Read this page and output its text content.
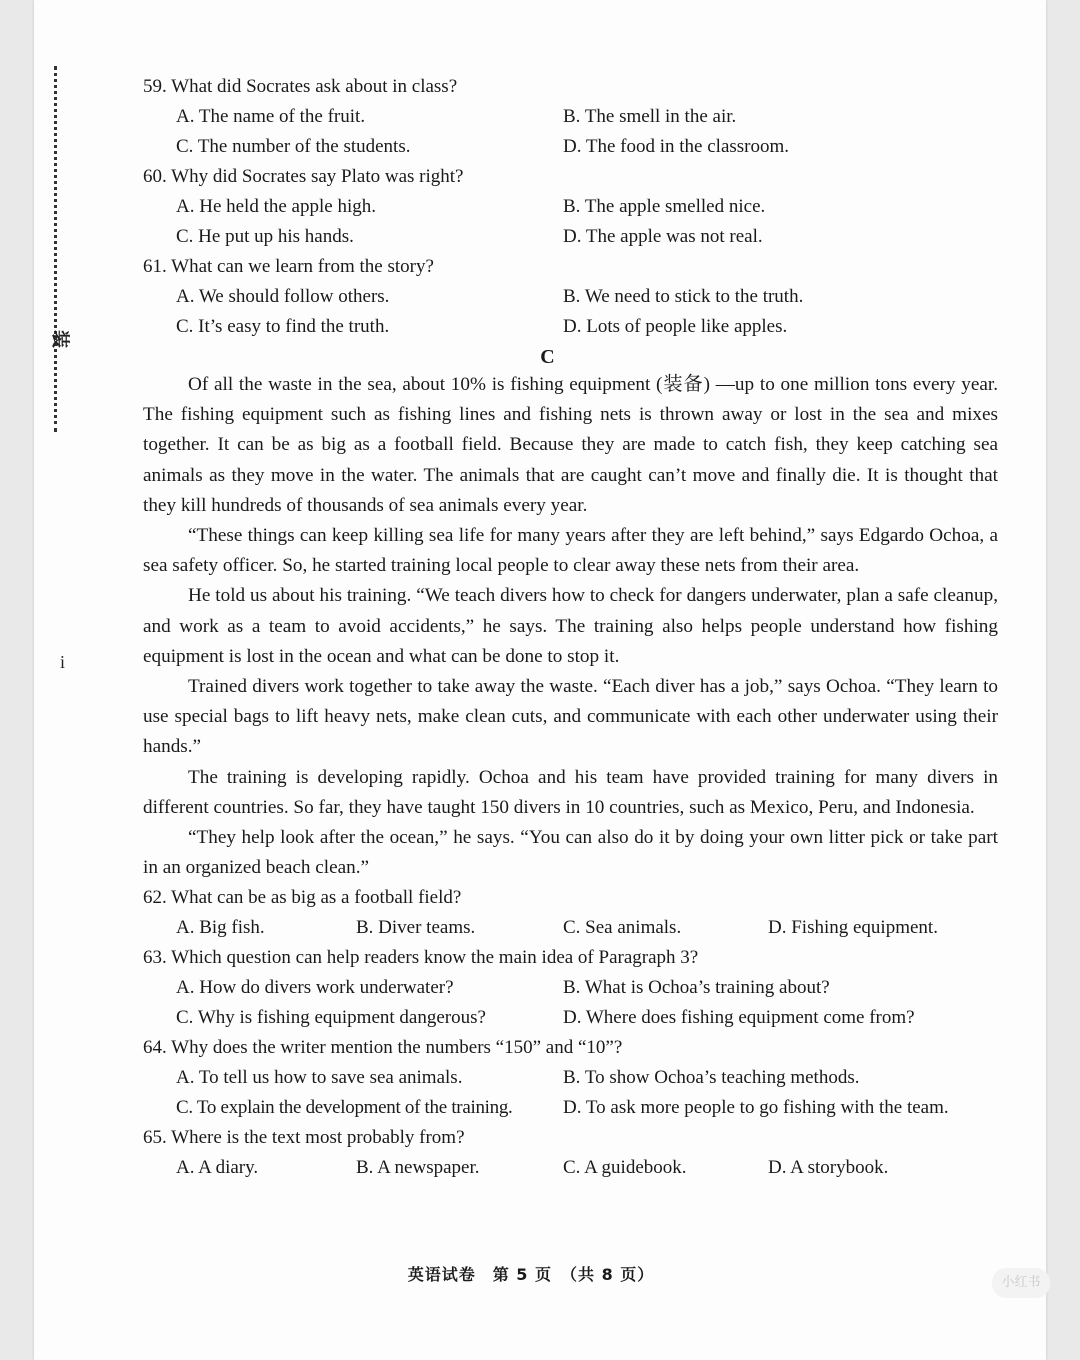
装
i
59. What did Socrates ask about in class?
A. The name of the fruit.	B. The smell in the air.
C. The number of the students.	D. The food in the classroom.
60. Why did Socrates say Plato was right?
A. He held the apple high.	B. The apple smelled nice.
C. He put up his hands.	D. The apple was not real.
61. What can we learn from the story?
A. We should follow others.	B. We need to stick to the truth.
C. It’s easy to find the truth.	D. Lots of people like apples.
C

Of all the waste in the sea, about 10% is fishing equipment (装备) —up to one million tons every year. The fishing equipment such as fishing lines and fishing nets is thrown away or lost in the sea and mixes together. It can be as big as a football field. Because they are made to catch fish, they keep catching sea animals as they move in the water. The animals that are caught can’t move and finally die. It is thought that they kill hundreds of thousands of sea animals every year.

“These things can keep killing sea life for many years after they are left behind,” says Edgardo Ochoa, a sea safety officer. So, he started training local people to clear away these nets from their area.

He told us about his training. “We teach divers how to check for dangers underwater, plan a safe cleanup, and work as a team to avoid accidents,” he says. The training also helps people understand how fishing equipment is lost in the ocean and what can be done to stop it.

Trained divers work together to take away the waste. “Each diver has a job,” says Ochoa. “They learn to use special bags to lift heavy nets, make clean cuts, and communicate with each other underwater using their hands.”

The training is developing rapidly. Ochoa and his team have provided training for many divers in different countries. So far, they have taught 150 divers in 10 countries, such as Mexico, Peru, and Indonesia.

“They help look after the ocean,” he says. “You can also do it by doing your own litter pick or take part in an organized beach clean.”

62. What can be as big as a football field?
A. Big fish.	B. Diver teams.	C. Sea animals.	D. Fishing equipment.
63. Which question can help readers know the main idea of Paragraph 3?
A. How do divers work underwater?	B. What is Ochoa’s training about?
C. Why is fishing equipment dangerous?	D. Where does fishing equipment come from?
64. Why does the writer mention the numbers “150” and “10”?
A. To tell us how to save sea animals.	B. To show Ochoa’s teaching methods.
C. To explain the development of the training.	D. To ask more people to go fishing with the team.
65. Where is the text most probably from?
A. A diary.	B. A newspaper.	C. A guidebook.	D. A storybook.
英语试卷　第 5 页　（共 8 页）	小红书
